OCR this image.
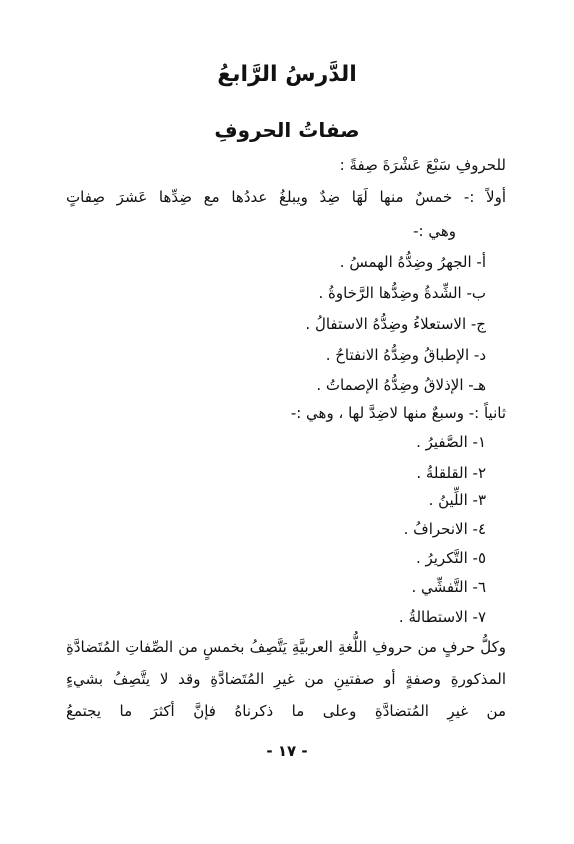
الدَّرسُ الرَّابعُ
صفاتُ الحروفِ
للحروفِ سَبْعَ عَشْرَةَ صِفةً :
أولاً :- خمسٌ منها لَهَا ضِدٌ ويبلغُ عددُها مع ضِدِّها عَشرَ صِفاتٍ
وهي :-
أ- الجهرُ وضِدُّهُ الهمسُ .
ب- الشِّدةُ وضِدُّها الرَّخاوةُ .
ج- الاستعلاءُ وضِدُّهُ الاستفالُ .
د- الإطباقُ وضِدُّهُ الانفتاحُ .
هـ- الإذلاقُ وضِدُّهُ الإصماتُ .
ثانياً :- وسبعٌ منها لاضِدَّ لها ، وهي :-
١- الصَّفيرُ .
٢- القلقلةُ .
٣- اللِّينُ .
٤- الانحرافُ .
٥- التَّكريرُ .
٦- التَّفشِّي .
٧- الاستطالةُ .
وكلُّ حرفٍ من حروفِ اللُّغةِ العربيَّةِ يَتَّصِفُ بخمسٍ من الصِّفاتِ المُتَضادَّةِ
المذكورةِ وصفةٍ أو صفتينِ من غيرِ المُتَضادَّةِ وقد لا يتَّصِفُ بشيءٍ
من غيرِ المُتضادَّةِ وعلى ما ذكرناهُ فإنَّ أكثرَ ما يجتمعُ
- ١٧ -
